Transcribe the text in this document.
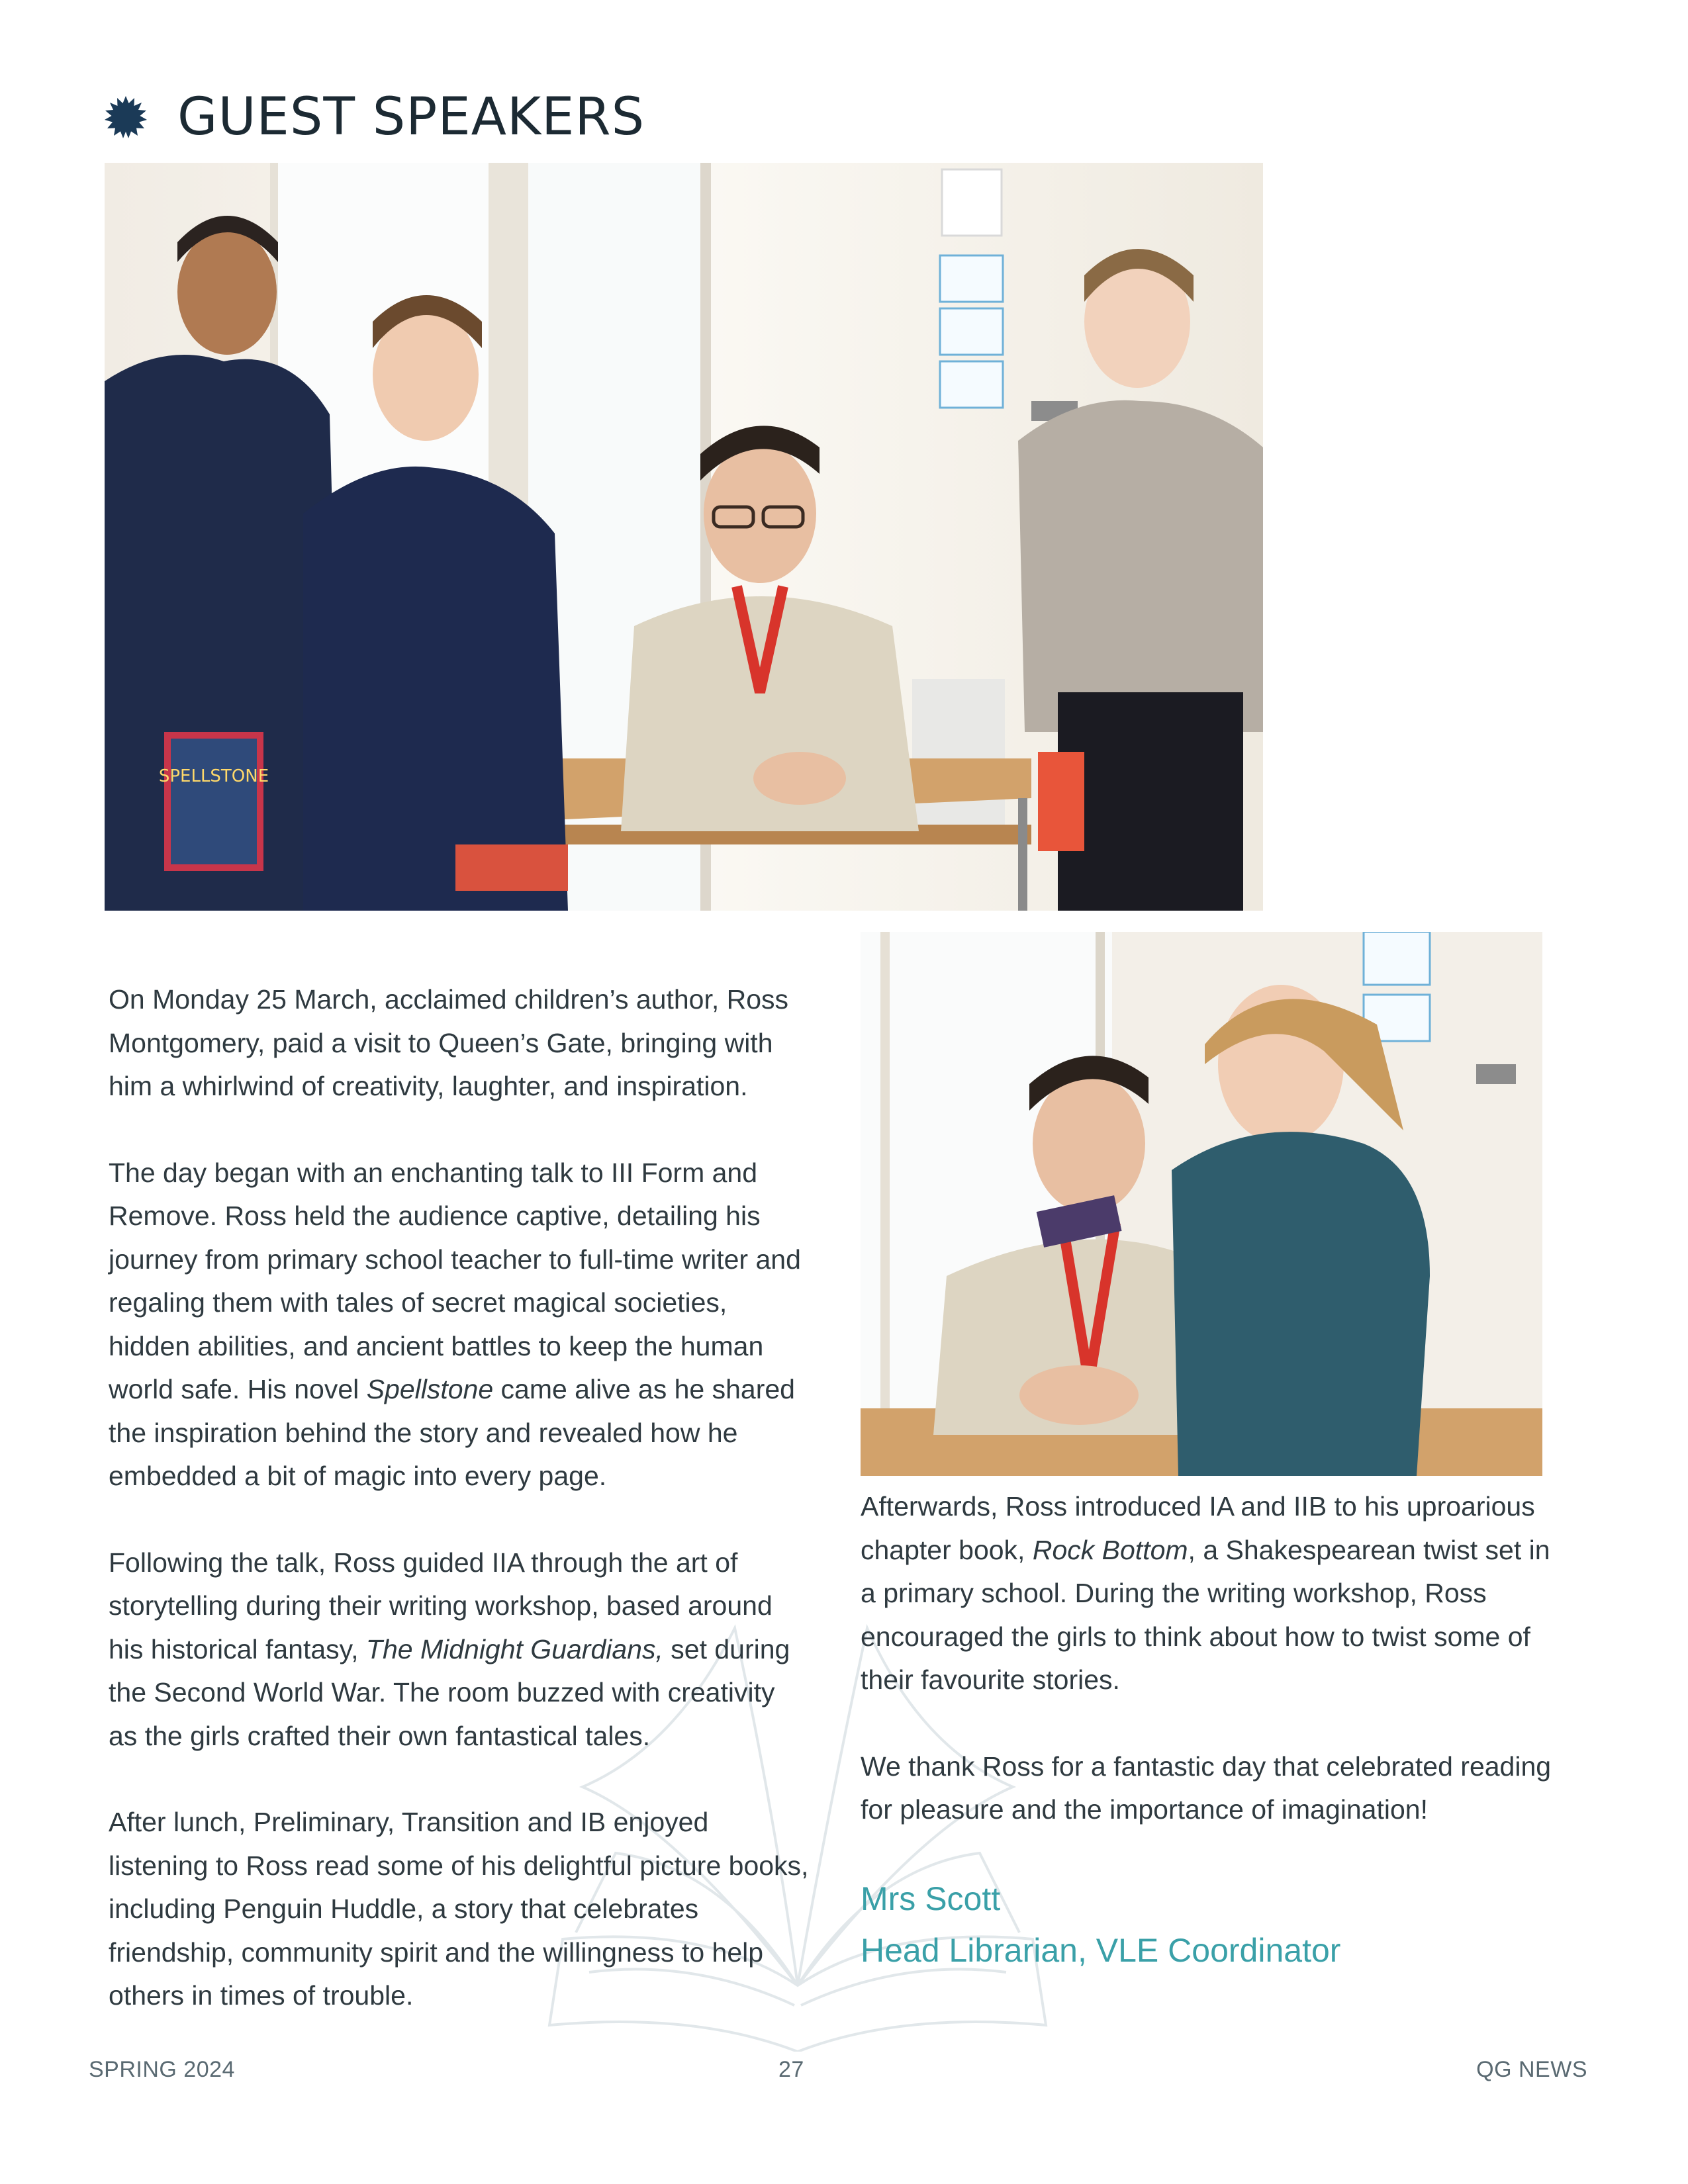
GUEST SPEAKERS
SPELLSTONE

On Monday 25 March, acclaimed children’s author, Ross Montgomery, paid a visit to Queen’s Gate, bringing with him a whirlwind of creativity, laughter, and inspiration.

The day began with an enchanting talk to III Form and Remove. Ross held the audience captive, detailing his journey from primary school teacher to full-time writer and regaling them with tales of secret magical societies, hidden abilities, and ancient battles to keep the human world safe. His novel Spellstone came alive as he shared the inspiration behind the story and revealed how he embedded a bit of magic into every page.

Following the talk, Ross guided IIA through the art of storytelling during their writing workshop, based around his historical fantasy, The Midnight Guardians, set during the Second World War. The room buzzed with creativity as the girls crafted their own fantastical tales.

After lunch, Preliminary, Transition and IB enjoyed listening to Ross read some of his delightful picture books, including Penguin Huddle, a story that celebrates friendship, community spirit and the willingness to help others in times of trouble.

Afterwards, Ross introduced IA and IIB to his uproarious chapter book, Rock Bottom, a Shakespearean twist set in a primary school. During the writing workshop, Ross encouraged the girls to think about how to twist some of their favourite stories.

We thank Ross for a fantastic day that celebrated reading for pleasure and the importance of imagination!

Mrs Scott
Head Librarian, VLE Coordinator
SPRING 2024	27	QG NEWS
